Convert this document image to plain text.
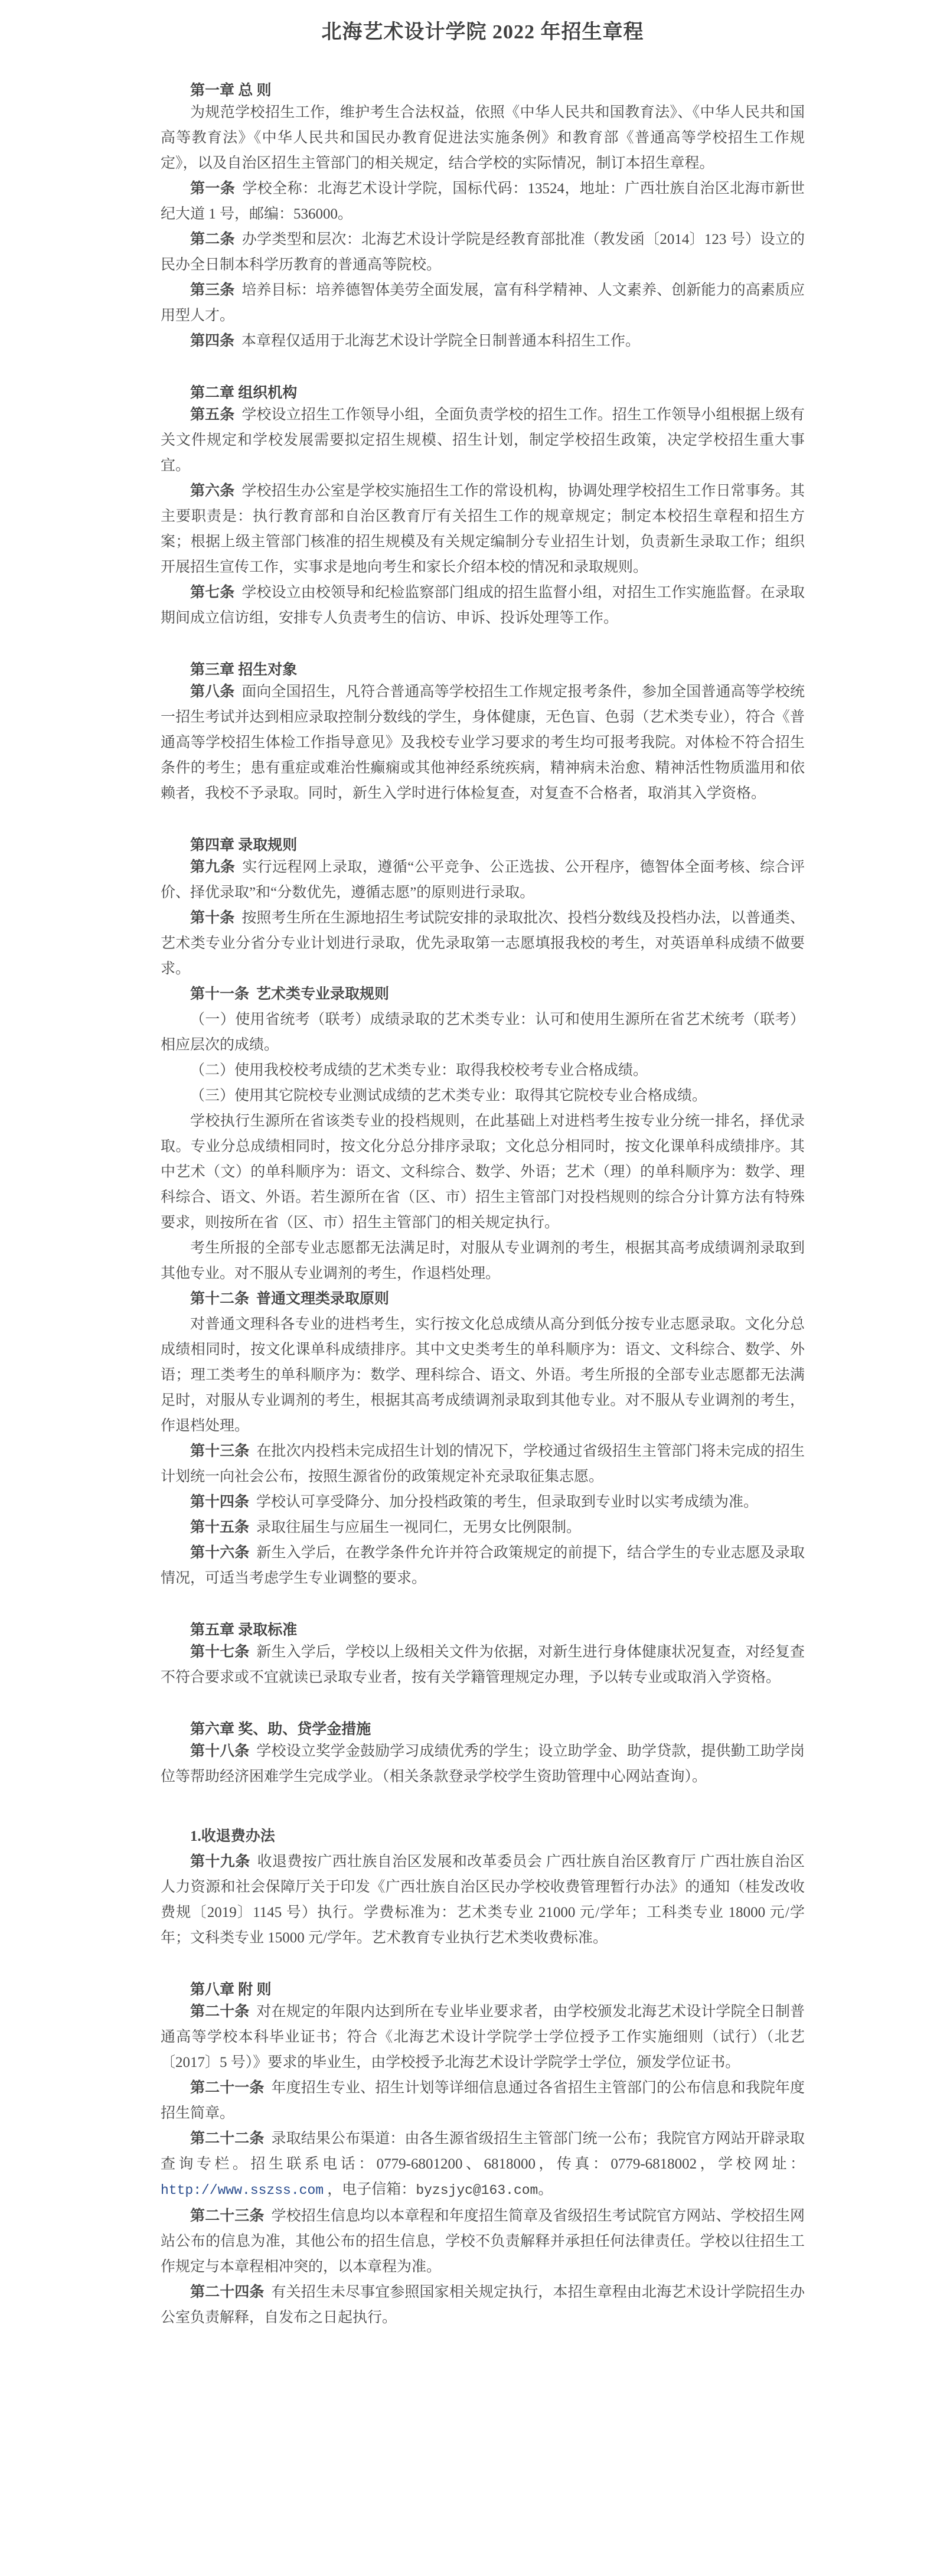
北海艺术设计学院 2022 年招生章程
第一章 总 则

为规范学校招生工作，维护考生合法权益，依照《中华人民共和国教育法》、《中华人民共和国高等教育法》《中华人民共和国民办教育促进法实施条例》和教育部《普通高等学校招生工作规定》，以及自治区招生主管部门的相关规定，结合学校的实际情况，制订本招生章程。

第一条 学校全称：北海艺术设计学院，国标代码：13524，地址：广西壮族自治区北海市新世纪大道 1 号，邮编：536000。

第二条 办学类型和层次：北海艺术设计学院是经教育部批准（教发函〔2014〕123 号）设立的民办全日制本科学历教育的普通高等院校。

第三条 培养目标：培养德智体美劳全面发展，富有科学精神、人文素养、创新能力的高素质应用型人才。

第四条 本章程仅适用于北海艺术设计学院全日制普通本科招生工作。

第二章 组织机构

第五条 学校设立招生工作领导小组，全面负责学校的招生工作。招生工作领导小组根据上级有关文件规定和学校发展需要拟定招生规模、招生计划，制定学校招生政策，决定学校招生重大事宜。

第六条 学校招生办公室是学校实施招生工作的常设机构，协调处理学校招生工作日常事务。其主要职责是：执行教育部和自治区教育厅有关招生工作的规章规定；制定本校招生章程和招生方案；根据上级主管部门核准的招生规模及有关规定编制分专业招生计划，负责新生录取工作；组织开展招生宣传工作，实事求是地向考生和家长介绍本校的情况和录取规则。

第七条 学校设立由校领导和纪检监察部门组成的招生监督小组，对招生工作实施监督。在录取期间成立信访组，安排专人负责考生的信访、申诉、投诉处理等工作。

第三章 招生对象

第八条 面向全国招生，凡符合普通高等学校招生工作规定报考条件，参加全国普通高等学校统一招生考试并达到相应录取控制分数线的学生，身体健康，无色盲、色弱（艺术类专业），符合《普通高等学校招生体检工作指导意见》及我校专业学习要求的考生均可报考我院。对体检不符合招生条件的考生；患有重症或难治性癫痫或其他神经系统疾病，精神病未治愈、精神活性物质滥用和依赖者，我校不予录取。同时，新生入学时进行体检复查，对复查不合格者，取消其入学资格。

第四章 录取规则

第九条 实行远程网上录取，遵循“公平竞争、公正选拔、公开程序，德智体全面考核、综合评价、择优录取”和“分数优先，遵循志愿”的原则进行录取。

第十条 按照考生所在生源地招生考试院安排的录取批次、投档分数线及投档办法，以普通类、艺术类专业分省分专业计划进行录取，优先录取第一志愿填报我校的考生，对英语单科成绩不做要求。

第十一条 艺术类专业录取规则

（一）使用省统考（联考）成绩录取的艺术类专业：认可和使用生源所在省艺术统考（联考）相应层次的成绩。

（二）使用我校校考成绩的艺术类专业：取得我校校考专业合格成绩。

（三）使用其它院校专业测试成绩的艺术类专业：取得其它院校专业合格成绩。

学校执行生源所在省该类专业的投档规则，在此基础上对进档考生按专业分统一排名，择优录取。专业分总成绩相同时，按文化分总分排序录取；文化总分相同时，按文化课单科成绩排序。其中艺术（文）的单科顺序为：语文、文科综合、数学、外语；艺术（理）的单科顺序为：数学、理科综合、语文、外语。若生源所在省（区、市）招生主管部门对投档规则的综合分计算方法有特殊要求，则按所在省（区、市）招生主管部门的相关规定执行。

考生所报的全部专业志愿都无法满足时，对服从专业调剂的考生，根据其高考成绩调剂录取到其他专业。对不服从专业调剂的考生，作退档处理。

第十二条 普通文理类录取原则

对普通文理科各专业的进档考生，实行按文化总成绩从高分到低分按专业志愿录取。文化分总成绩相同时，按文化课单科成绩排序。其中文史类考生的单科顺序为：语文、文科综合、数学、外语；理工类考生的单科顺序为：数学、理科综合、语文、外语。考生所报的全部专业志愿都无法满足时，对服从专业调剂的考生，根据其高考成绩调剂录取到其他专业。对不服从专业调剂的考生，作退档处理。

第十三条 在批次内投档未完成招生计划的情况下，学校通过省级招生主管部门将未完成的招生计划统一向社会公布，按照生源省份的政策规定补充录取征集志愿。

第十四条 学校认可享受降分、加分投档政策的考生，但录取到专业时以实考成绩为准。

第十五条 录取往届生与应届生一视同仁，无男女比例限制。

第十六条 新生入学后，在教学条件允许并符合政策规定的前提下，结合学生的专业志愿及录取情况，可适当考虑学生专业调整的要求。

第五章 录取标准

第十七条 新生入学后，学校以上级相关文件为依据，对新生进行身体健康状况复查，对经复查不符合要求或不宜就读已录取专业者，按有关学籍管理规定办理，予以转专业或取消入学资格。

第六章 奖、助、贷学金措施

第十八条 学校设立奖学金鼓励学习成绩优秀的学生；设立助学金、助学贷款，提供勤工助学岗位等帮助经济困难学生完成学业。（相关条款登录学校学生资助管理中心网站查询）。

1.收退费办法

第十九条 收退费按广西壮族自治区发展和改革委员会 广西壮族自治区教育厅 广西壮族自治区人力资源和社会保障厅关于印发《广西壮族自治区民办学校收费管理暂行办法》的通知（桂发改收费规〔2019〕1145 号）执行。学费标准为：艺术类专业 21000 元/学年；工科类专业 18000 元/学年；文科类专业 15000 元/学年。艺术教育专业执行艺术类收费标准。

第八章 附 则

第二十条 对在规定的年限内达到所在专业毕业要求者，由学校颁发北海艺术设计学院全日制普通高等学校本科毕业证书；符合《北海艺术设计学院学士学位授予工作实施细则（试行）（北艺〔2017〕5 号）》要求的毕业生，由学校授予北海艺术设计学院学士学位，颁发学位证书。

第二十一条 年度招生专业、招生计划等详细信息通过各省招生主管部门的公布信息和我院年度招生简章。

第二十二条 录取结果公布渠道：由各生源省级招生主管部门统一公布；我院官方网站开辟录取查询专栏。招生联系电话：0779-6801200、6818000，传真：0779-6818002，学校网址：http://www.sszss.com ，电子信箱：byzsjyc@163.com。

第二十三条 学校招生信息均以本章程和年度招生简章及省级招生考试院官方网站、学校招生网站公布的信息为准，其他公布的招生信息，学校不负责解释并承担任何法律责任。学校以往招生工作规定与本章程相冲突的，以本章程为准。

第二十四条 有关招生未尽事宜参照国家相关规定执行，本招生章程由北海艺术设计学院招生办公室负责解释，自发布之日起执行。
